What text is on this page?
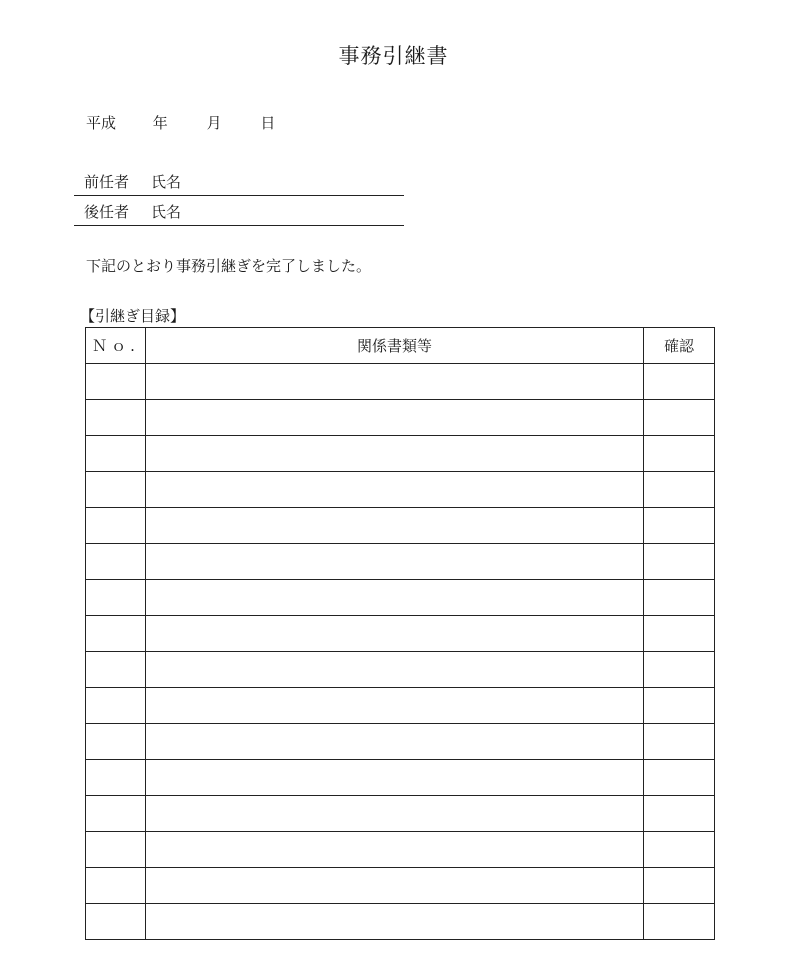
事務引継書
平成 年	月	日
前任者 氏名
後任者 氏名
下記のとおり事務引継ぎを完了しました。
【引継ぎ目録】
Ｎｏ.	関係書類等	確認
